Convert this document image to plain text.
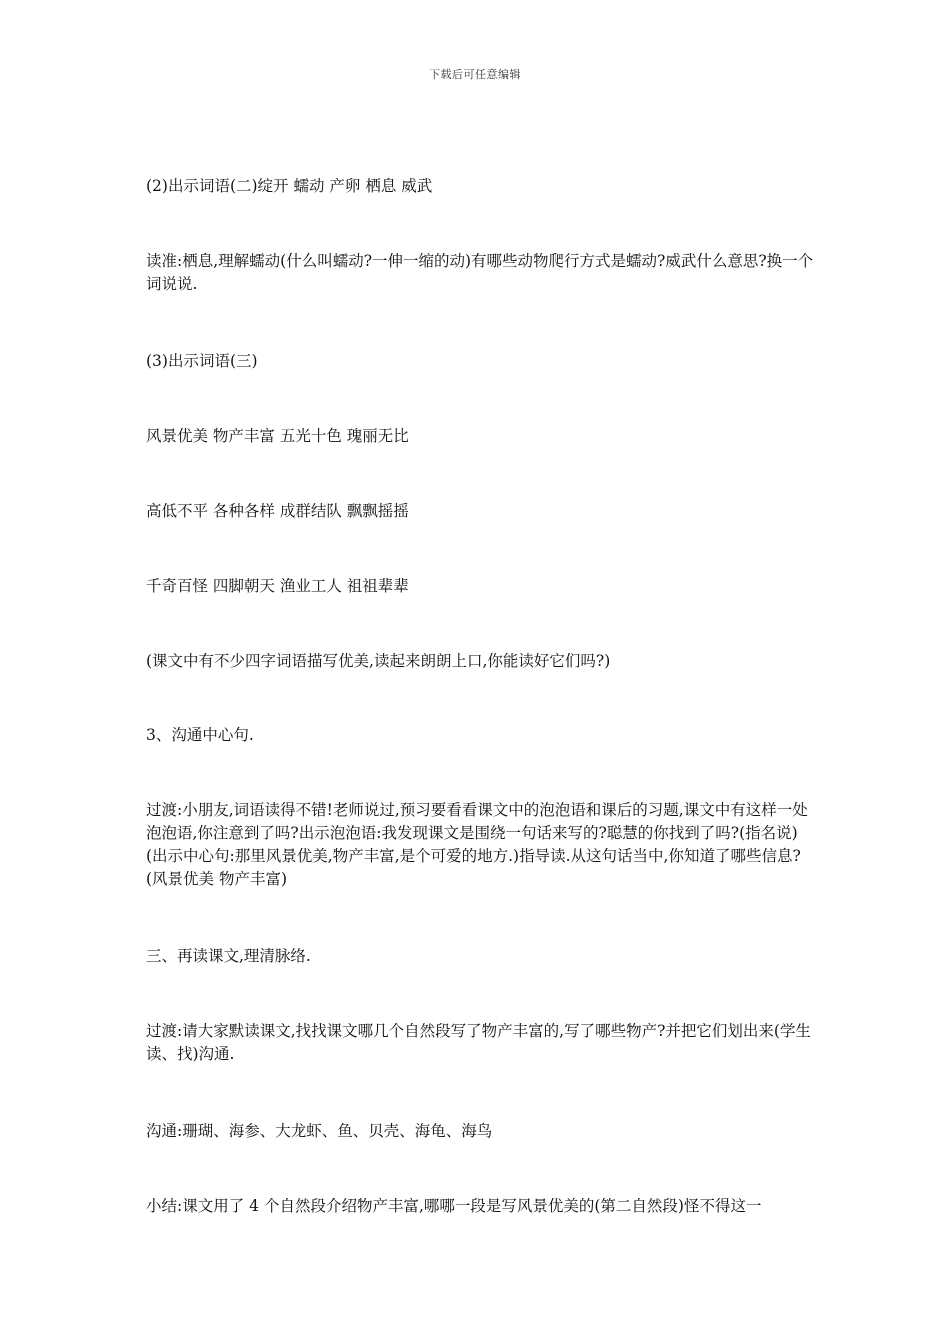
下载后可任意编辑

(2)出示词语(二)绽开 蠕动 产卵 栖息 威武

读准:栖息,理解蠕动(什么叫蠕动?一伸一缩的动)有哪些动物爬行方式是蠕动?威武什么意思?换一个词说说.

(3)出示词语(三)

风景优美 物产丰富 五光十色 瑰丽无比

高低不平 各种各样 成群结队 飘飘摇摇

千奇百怪 四脚朝天 渔业工人 祖祖辈辈

(课文中有不少四字词语描写优美,读起来朗朗上口,你能读好它们吗?)

3、沟通中心句.

过渡:小朋友,词语读得不错!老师说过,预习要看看课文中的泡泡语和课后的习题,课文中有这样一处泡泡语,你注意到了吗?出示泡泡语:我发现课文是围绕一句话来写的?聪慧的你找到了吗?(指名说)(出示中心句:那里风景优美,物产丰富,是个可爱的地方.)指导读.从这句话当中,你知道了哪些信息?(风景优美 物产丰富)

三、再读课文,理清脉络.

过渡:请大家默读课文,找找课文哪几个自然段写了物产丰富的,写了哪些物产?并把它们划出来(学生读、找)沟通.

沟通:珊瑚、海参、大龙虾、鱼、贝壳、海龟、海鸟

小结:课文用了 4 个自然段介绍物产丰富,哪哪一段是写风景优美的(第二自然段)怪不得这一
